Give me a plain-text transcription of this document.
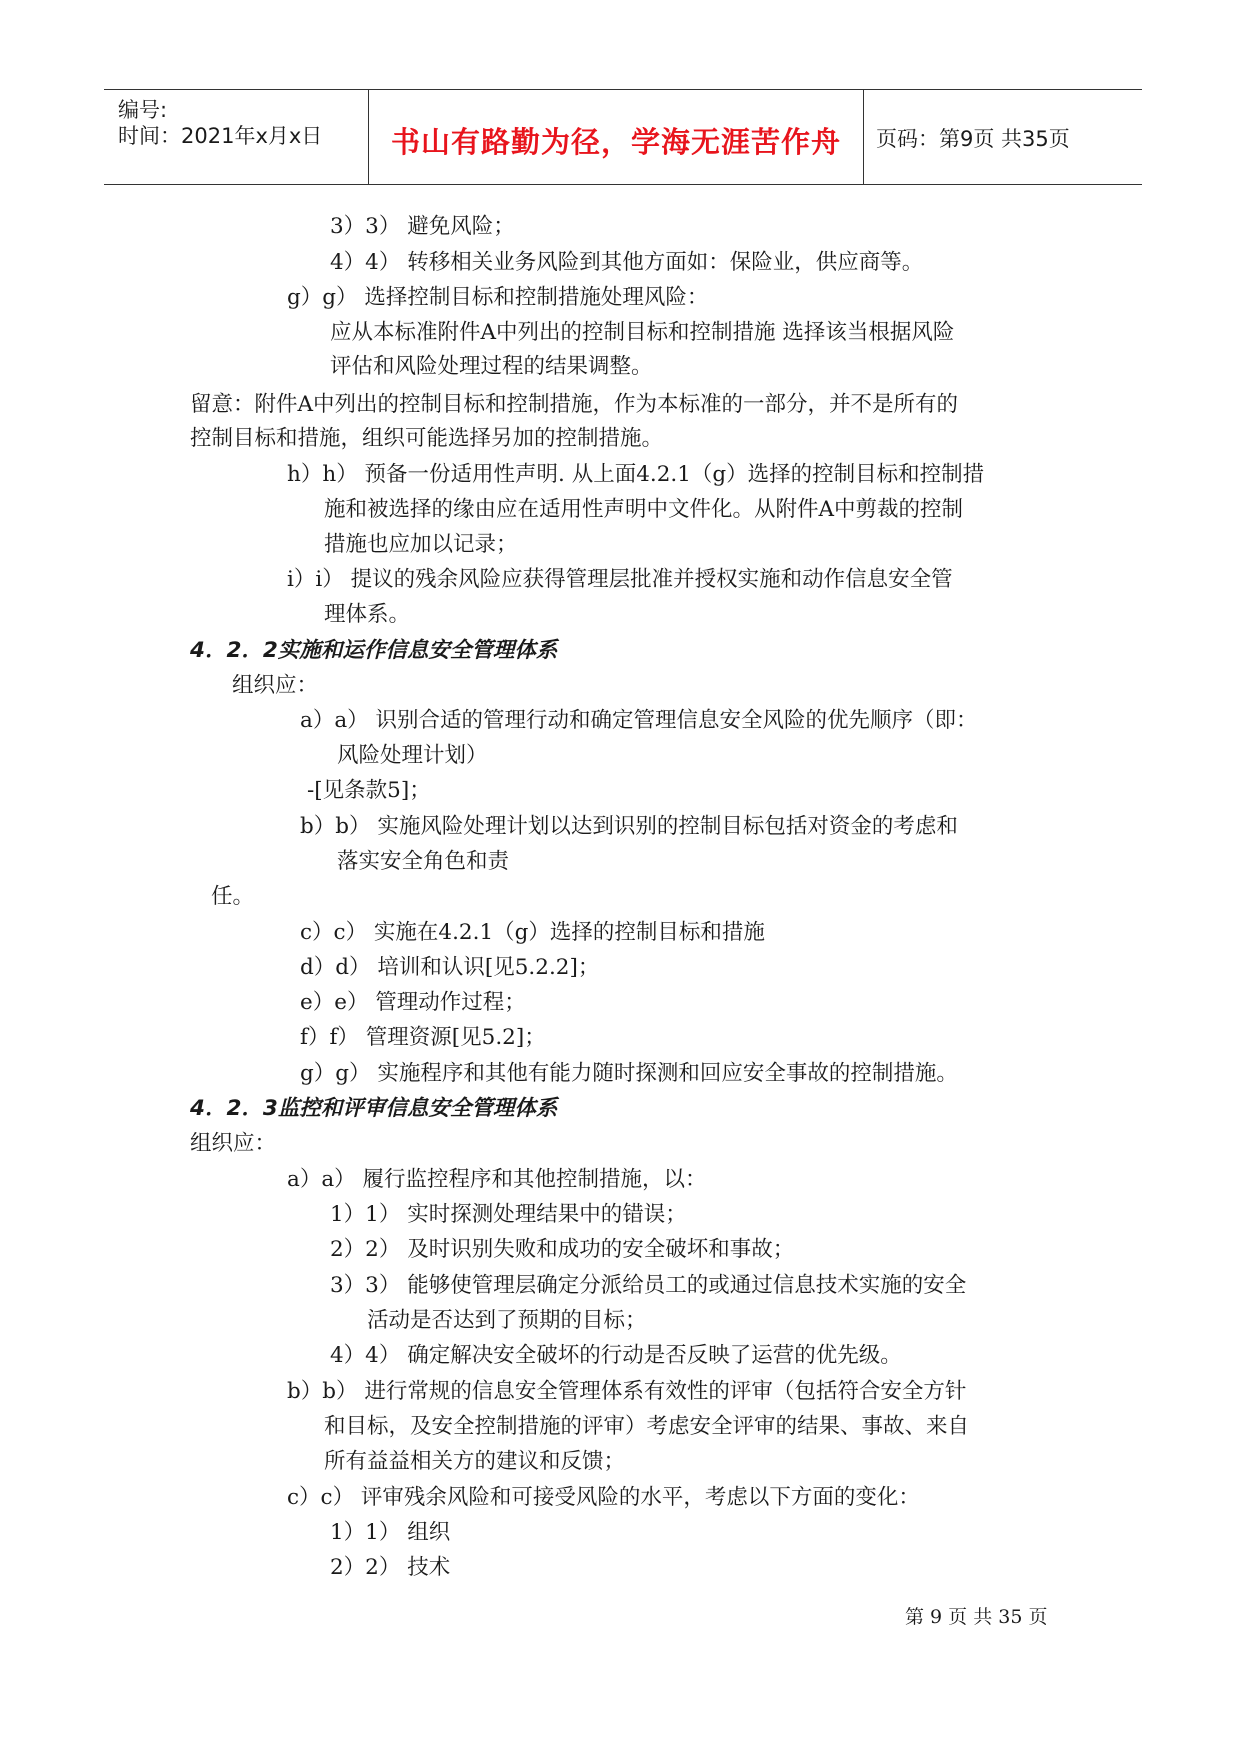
编号:
时间：2021年x月x日	书山有路勤为径，学海无涯苦作舟	页码：第9页 共35页
3）3） 避免风险；
4）4） 转移相关业务风险到其他方面如：保险业，供应商等。
g）g） 选择控制目标和控制措施处理风险：
应从本标准附件A中列出的控制目标和控制措施 选择该当根据风险
评估和风险处理过程的结果调整。
留意：附件A中列出的控制目标和控制措施，作为本标准的一部分，并不是所有的
控制目标和措施，组织可能选择另加的控制措施。
h）h） 预备一份适用性声明. 从上面4.2.1（g）选择的控制目标和控制措
施和被选择的缘由应在适用性声明中文件化。从附件A中剪裁的控制
措施也应加以记录；
i）i） 提议的残余风险应获得管理层批准并授权实施和动作信息安全管
理体系。
4．2．2实施和运作信息安全管理体系
组织应：
a）a） 识别合适的管理行动和确定管理信息安全风险的优先顺序（即：
风险处理计划）
-[见条款5]；
b）b） 实施风险处理计划以达到识别的控制目标包括对资金的考虑和
落实安全角色和责
任。
c）c） 实施在4.2.1（g）选择的控制目标和措施
d）d） 培训和认识[见5.2.2]；
e）e） 管理动作过程；
f）f） 管理资源[见5.2]；
g）g） 实施程序和其他有能力随时探测和回应安全事故的控制措施。
4．2．3监控和评审信息安全管理体系
组织应：
a）a） 履行监控程序和其他控制措施，以：
1）1） 实时探测处理结果中的错误；
2）2） 及时识别失败和成功的安全破坏和事故；
3）3） 能够使管理层确定分派给员工的或通过信息技术实施的安全
活动是否达到了预期的目标；
4）4） 确定解决安全破坏的行动是否反映了运营的优先级。
b）b） 进行常规的信息安全管理体系有效性的评审（包括符合安全方针
和目标，及安全控制措施的评审）考虑安全评审的结果、事故、来自
所有益益相关方的建议和反馈；
c）c） 评审残余风险和可接受风险的水平，考虑以下方面的变化：
1）1） 组织
2）2） 技术
第 9 页 共 35 页
